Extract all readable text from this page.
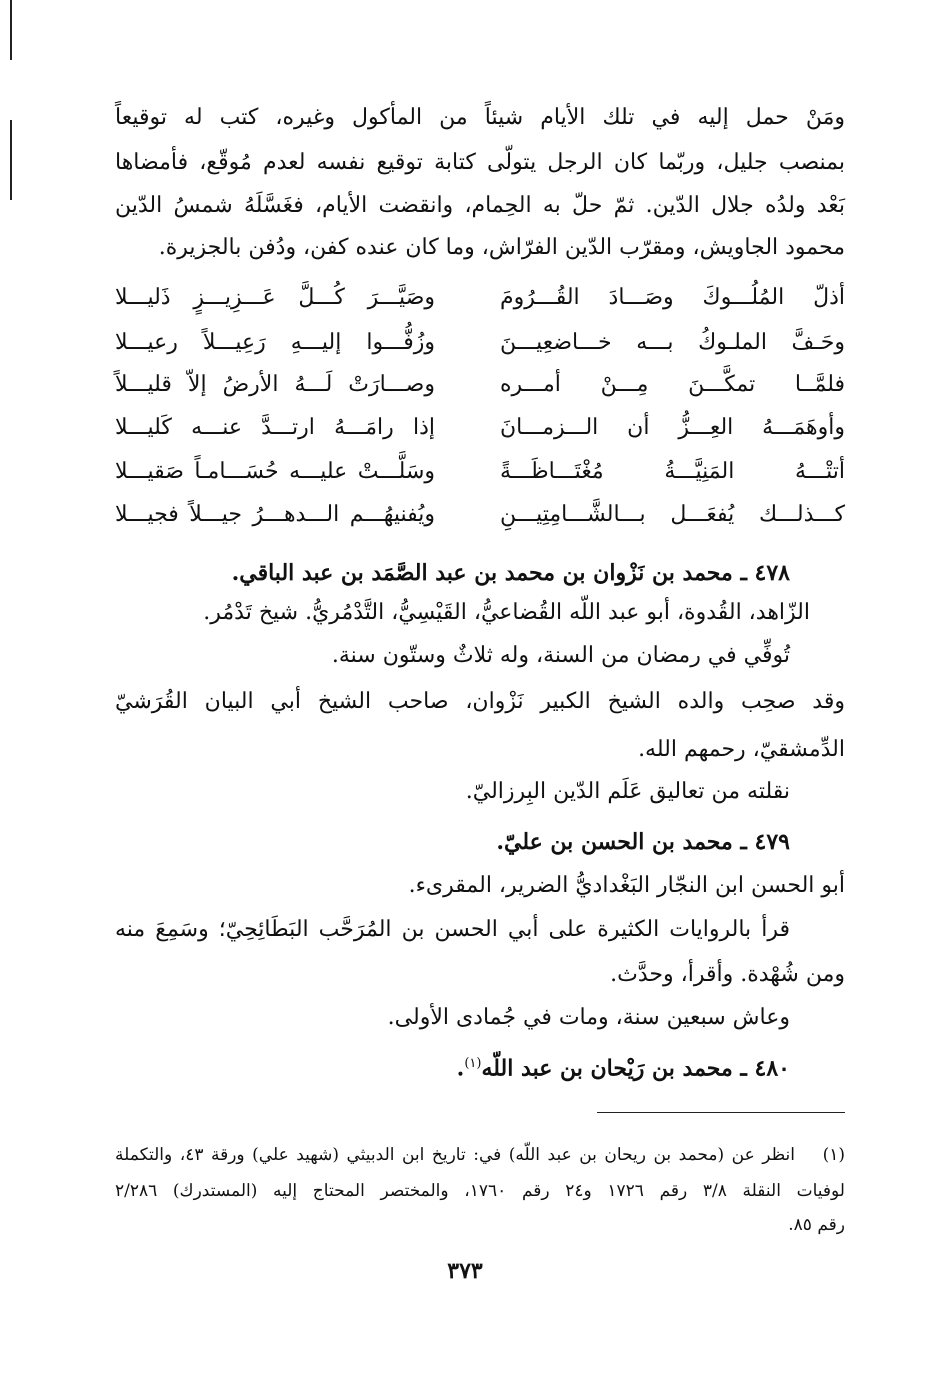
ومَنْ حمل إليه في تلك الأيام شيئاً من المأكول وغيره، كتب له توقيعاً
بمنصب جليل، وربّما كان الرجل يتولّى كتابة توقيع نفسه لعدم مُوقّع، فأمضاها
بَعْد ولدُه جلال الدّين. ثمّ حلّ به الحِمام، وانقضت الأيام، فغَسَّلَهُ شمسُ الدّين
محمود الجاويش، ومقرّب الدّين الفرّاش، وما كان عنده كفن، ودُفن بالجزيرة.
أذلّ المُلُـــوكَ وصَـــادَ القُـــرُومَ
وصَيَّـــرَ كُـــلَّ عَـــزِيـــزٍ ذَليـــلا
وحَـفَّ الملـوكُ بـــه خـــاضعِيـــنَ
وزُفُّـــوا إليـــهِ رَعِيـــلاً رعيـــلا
فلمَّــا تمكَّـــنَ مِـــنْ أمـــره
وصـــارَتْ لَـــهُ الأرضُ إلاّ قليـــلاً
وأوهَمَـــهُ العِـــزُّ أن الـــزمـــانَ
إذا رامَـــهُ ارتـــدَّ عنـــه كَليـــلا
أتتْـــهُ المَنِيَّـــةُ مُغْتَـــاظَـــةً
وسَلَّـــتْ عليـــه حُسَـــامـاً صَقيـــلا
كـــذلـــك يُفعَـــل بـــالشَّـــامِتِيـــنِ
ويُفنيهُـــم الـــدهـــرُ جيـــلاً فجيـــلا
٤٧٨ ـ محمد بن نَزْوان بن محمد بن عبد الصَّمَد بن عبد الباقي.
الزّاهد، القُدوة، أبو عبد اللّه القُضاعيُّ، القَيْسِيُّ، التَّدْمُريُّ. شيخ تَدْمُر.
تُوفِّي في رمضان من السنة، وله ثلاثٌ وستّون سنة.
وقد صحِب والده الشيخ الكبير نَزْوان، صاحب الشيخ أبي البيان القُرَشيّ
الدِّمشقيّ، رحمهم الله.
نقلته من تعاليق عَلَم الدّين البِرزاليّ.
٤٧٩ ـ محمد بن الحسن بن عليّ.
أبو الحسن ابن النجّار البَغْداديُّ الضرير، المقرىء.
قرأ بالروايات الكثيرة على أبي الحسن بن المُرَحَّب البَطَائِحِيّ؛ وسَمِعَ منه
ومن شُهْدة. وأقرأ، وحدَّث.
وعاش سبعين سنة، ومات في جُمادى الأولى.
٤٨٠ ـ محمد بن رَيْحان بن عبد اللّه$^{(١)}$.
(١)
انظر عن (محمد بن ريحان بن عبد اللّه) في: تاريخ ابن الدبيثي (شهيد علي) ورقة ٤٣، والتكملة
لوفيات النقلة ٣/٨ رقم ١٧٢٦ و٢٤ رقم ١٧٦٠، والمختصر المحتاج إليه (المستدرك) ٢/٢٨٦
رقم ٨٥.
٣٧٣
